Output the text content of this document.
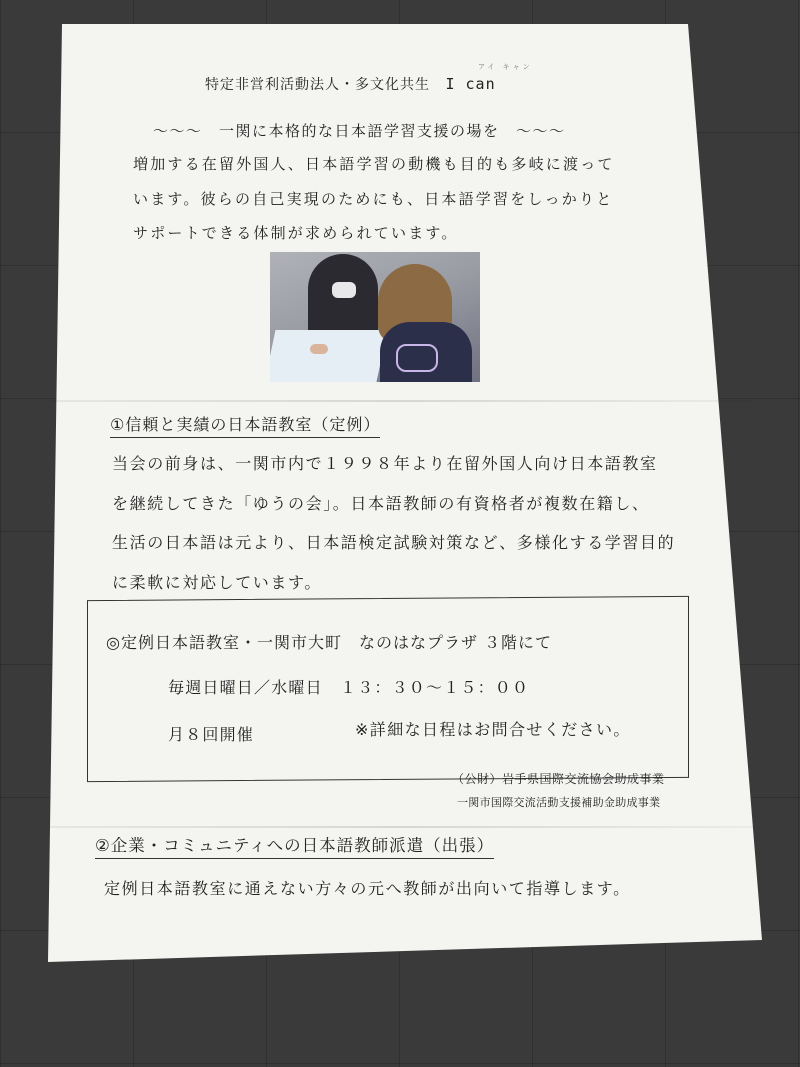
特定非営利活動法人・多文化共生 I can
アイ キャン
～～～　一関に本格的な日本語学習支援の場を　～～～
増加する在留外国人、日本語学習の動機も目的も多岐に渡って
います。彼らの自己実現のためにも、日本語学習をしっかりと
サポートできる体制が求められています。
①信頼と実績の日本語教室（定例）
当会の前身は、一関市内で１９９８年より在留外国人向け日本語教室
を継続してきた「ゆうの会」。日本語教師の有資格者が複数在籍し、
生活の日本語は元より、日本語検定試験対策など、多様化する学習目的
に柔軟に対応しています。
◎定例日本語教室・一関市大町　なのはなプラザ ３階にて
毎週日曜日／水曜日　１３：３０～１５：００
月８回開催	※詳細な日程はお問合せください。
（公財）岩手県国際交流協会助成事業
一関市国際交流活動支援補助金助成事業
②企業・コミュニティへの日本語教師派遣（出張）
定例日本語教室に通えない方々の元へ教師が出向いて指導します。
